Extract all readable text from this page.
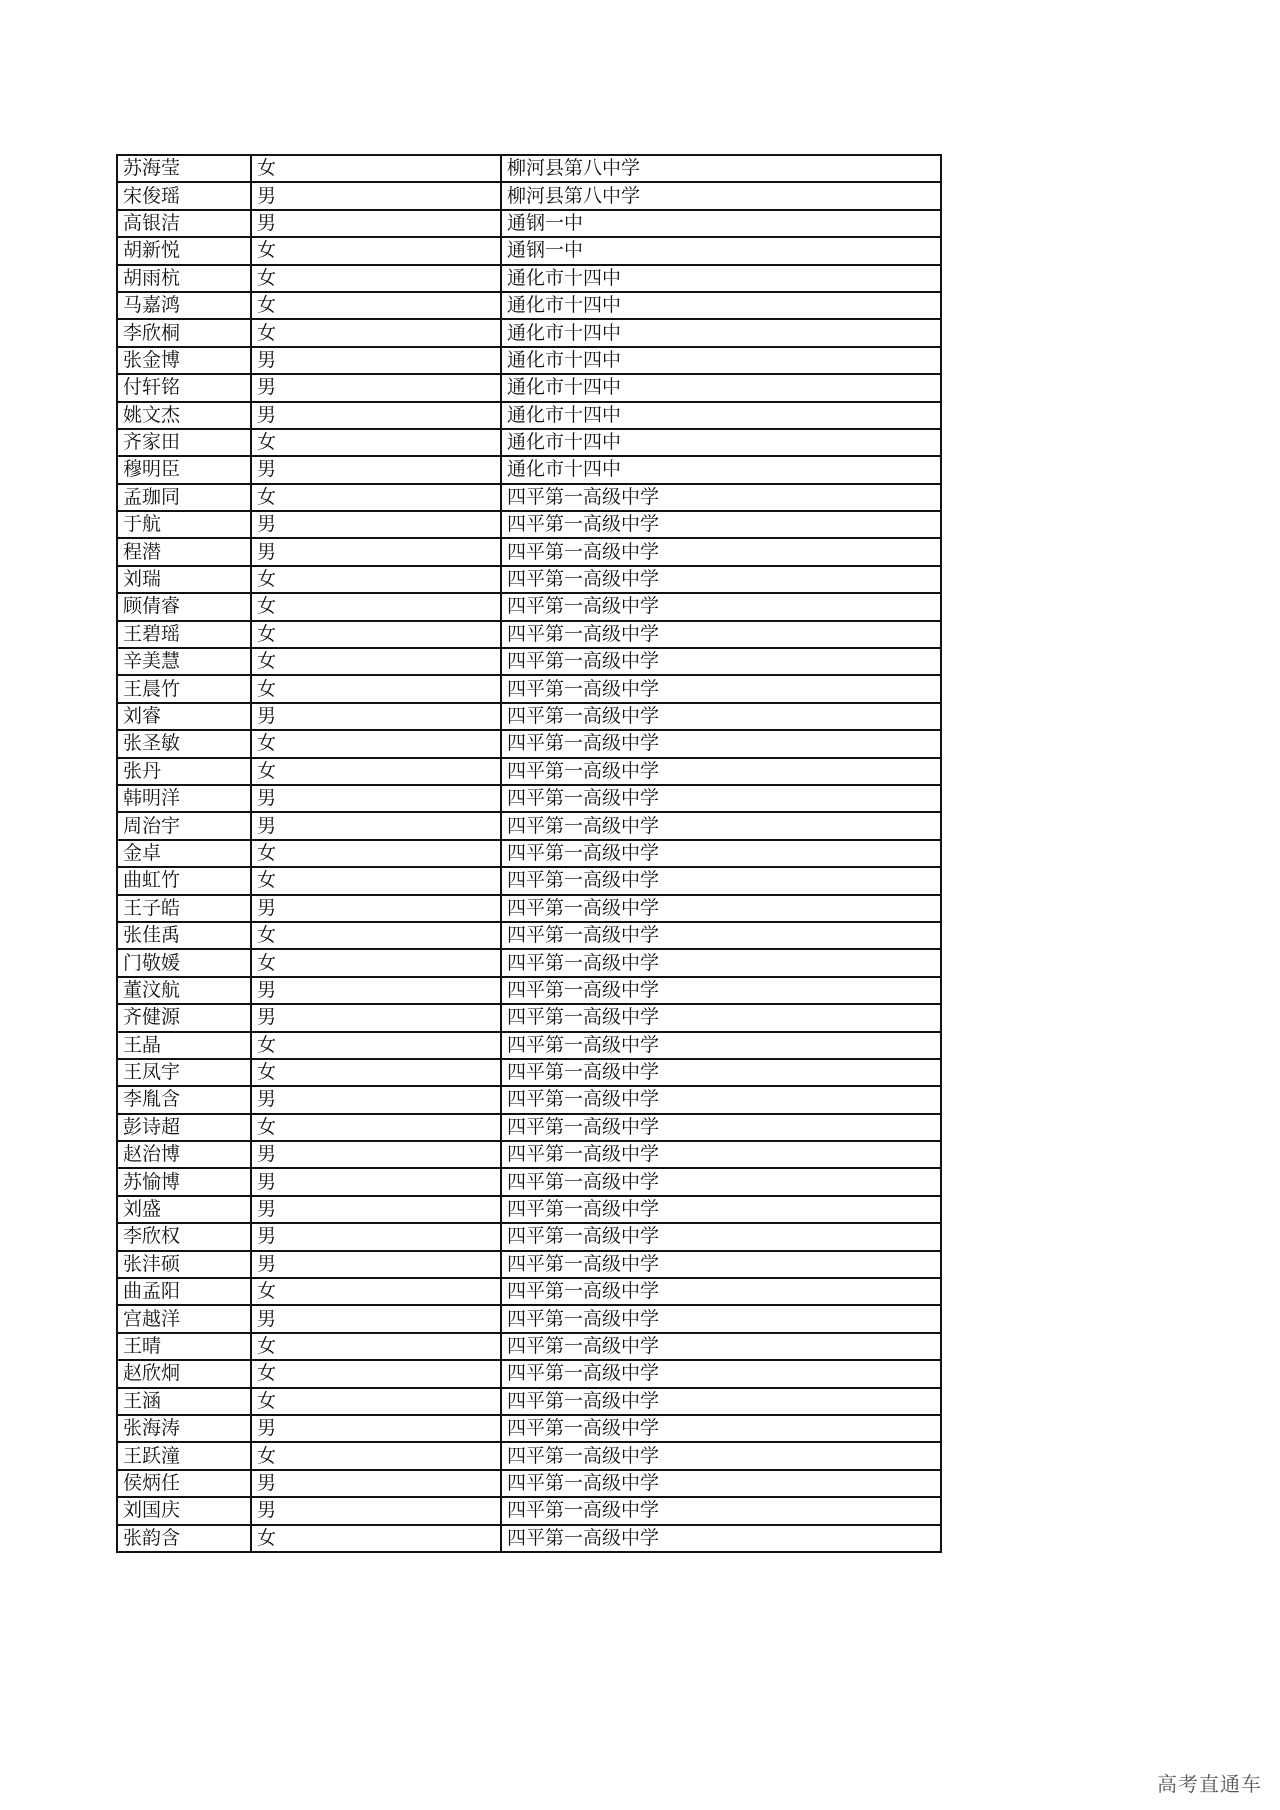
苏海莹	女	柳河县第八中学
宋俊瑶	男	柳河县第八中学
高银洁	男	通钢一中
胡新悦	女	通钢一中
胡雨杭	女	通化市十四中
马嘉鸿	女	通化市十四中
李欣桐	女	通化市十四中
张金博	男	通化市十四中
付轩铭	男	通化市十四中
姚文杰	男	通化市十四中
齐家田	女	通化市十四中
穆明臣	男	通化市十四中
孟珈同	女	四平第一高级中学
于航	男	四平第一高级中学
程潜	男	四平第一高级中学
刘瑞	女	四平第一高级中学
顾倩睿	女	四平第一高级中学
王碧瑶	女	四平第一高级中学
辛美慧	女	四平第一高级中学
王晨竹	女	四平第一高级中学
刘睿	男	四平第一高级中学
张圣敏	女	四平第一高级中学
张丹	女	四平第一高级中学
韩明洋	男	四平第一高级中学
周治宇	男	四平第一高级中学
金卓	女	四平第一高级中学
曲虹竹	女	四平第一高级中学
王子皓	男	四平第一高级中学
张佳禹	女	四平第一高级中学
门敬媛	女	四平第一高级中学
董汶航	男	四平第一高级中学
齐健源	男	四平第一高级中学
王晶	女	四平第一高级中学
王凤宇	女	四平第一高级中学
李胤含	男	四平第一高级中学
彭诗超	女	四平第一高级中学
赵治博	男	四平第一高级中学
苏愉博	男	四平第一高级中学
刘盛	男	四平第一高级中学
李欣权	男	四平第一高级中学
张沣硕	男	四平第一高级中学
曲孟阳	女	四平第一高级中学
宫越洋	男	四平第一高级中学
王晴	女	四平第一高级中学
赵欣炯	女	四平第一高级中学
王涵	女	四平第一高级中学
张海涛	男	四平第一高级中学
王跃潼	女	四平第一高级中学
侯炳任	男	四平第一高级中学
刘国庆	男	四平第一高级中学
张韵含	女	四平第一高级中学
高考直通车
